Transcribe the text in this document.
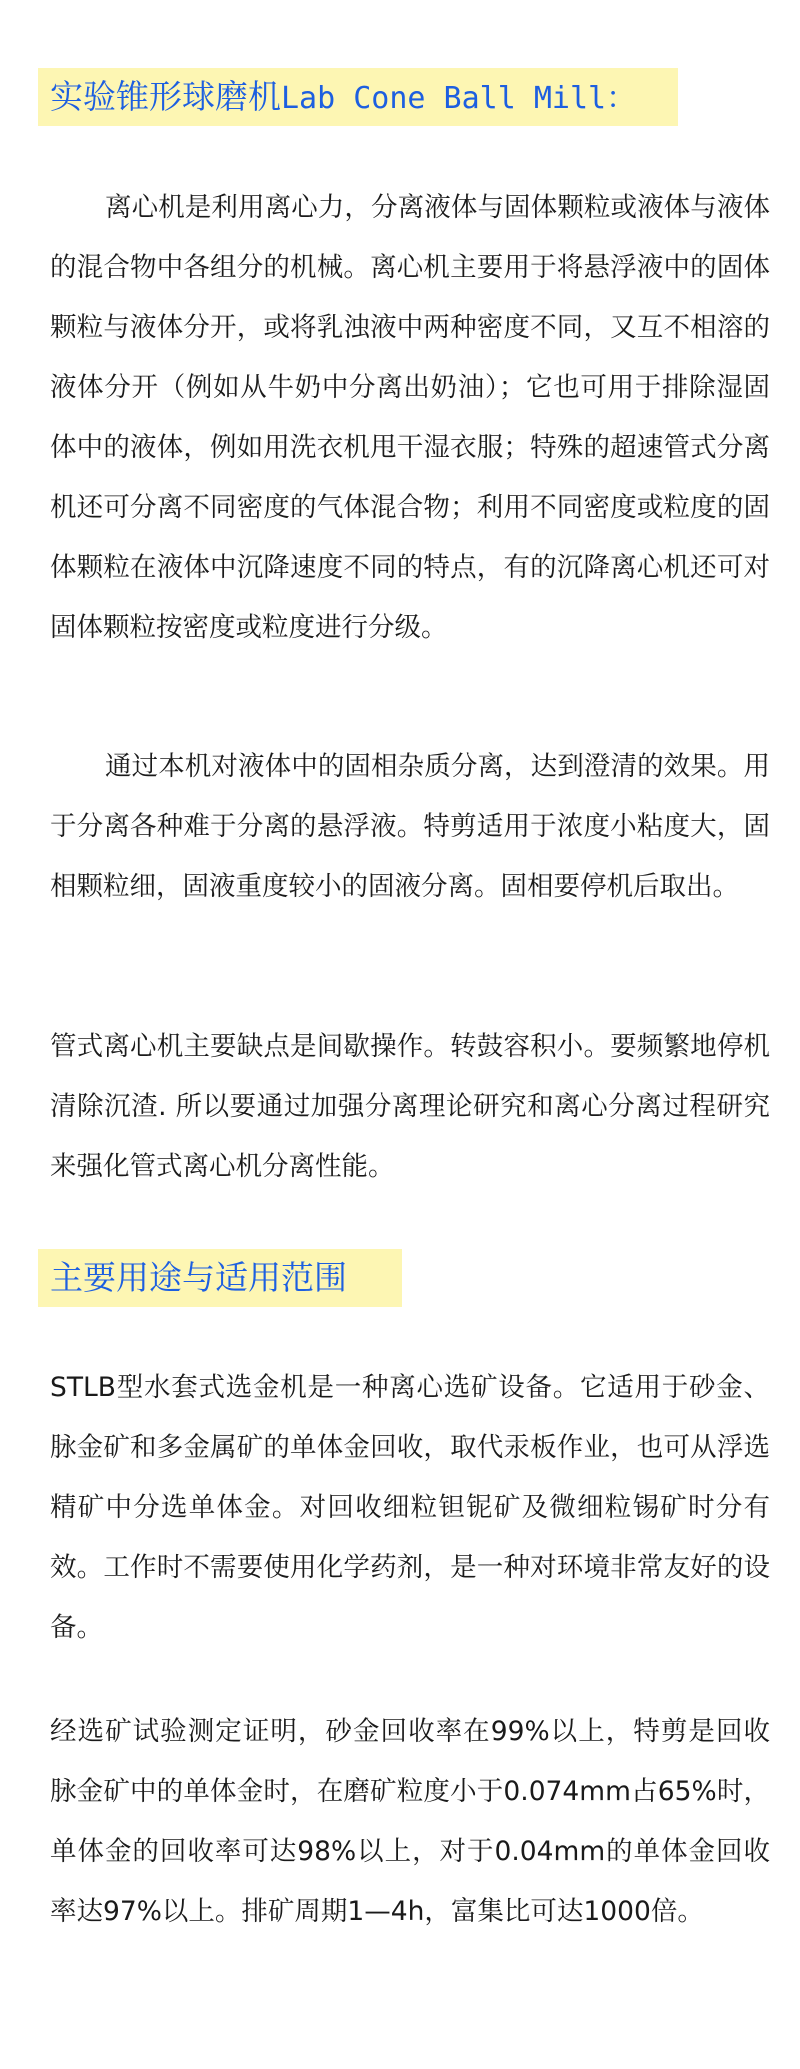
实验锥形球磨机Lab Cone Ball Mill：

离心机是利用离心力，分离液体与固体颗粒或液体与液体的混合物中各组分的机械。离心机主要用于将悬浮液中的固体颗粒与液体分开，或将乳浊液中两种密度不同，又互不相溶的液体分开（例如从牛奶中分离出奶油）；它也可用于排除湿固体中的液体，例如用洗衣机甩干湿衣服；特殊的超速管式分离机还可分离不同密度的气体混合物；利用不同密度或粒度的固体颗粒在液体中沉降速度不同的特点，有的沉降离心机还可对固体颗粒按密度或粒度进行分级。

通过本机对液体中的固相杂质分离，达到澄清的效果。用于分离各种难于分离的悬浮液。特剪适用于浓度小粘度大，固相颗粒细，固液重度较小的固液分离。固相要停机后取出。

管式离心机主要缺点是间歇操作。转鼓容积小。要频繁地停机清除沉渣. 所以要通过加强分离理论研究和离心分离过程研究来强化管式离心机分离性能。

主要用途与适用范围

STLB型水套式选金机是一种离心选矿设备。它适用于砂金、脉金矿和多金属矿的单体金回收，取代汞板作业，也可从浮选精矿中分选单体金。对回收细粒钽铌矿及微细粒锡矿时分有效。工作时不需要使用化学药剂，是一种对环境非常友好的设备。

经选矿试验测定证明，砂金回收率在99%以上，特剪是回收脉金矿中的单体金时，在磨矿粒度小于0.074mm占65%时，单体金的回收率可达98%以上，对于0.04mm的单体金回收率达97%以上。排矿周期1—4h，富集比可达1000倍。
